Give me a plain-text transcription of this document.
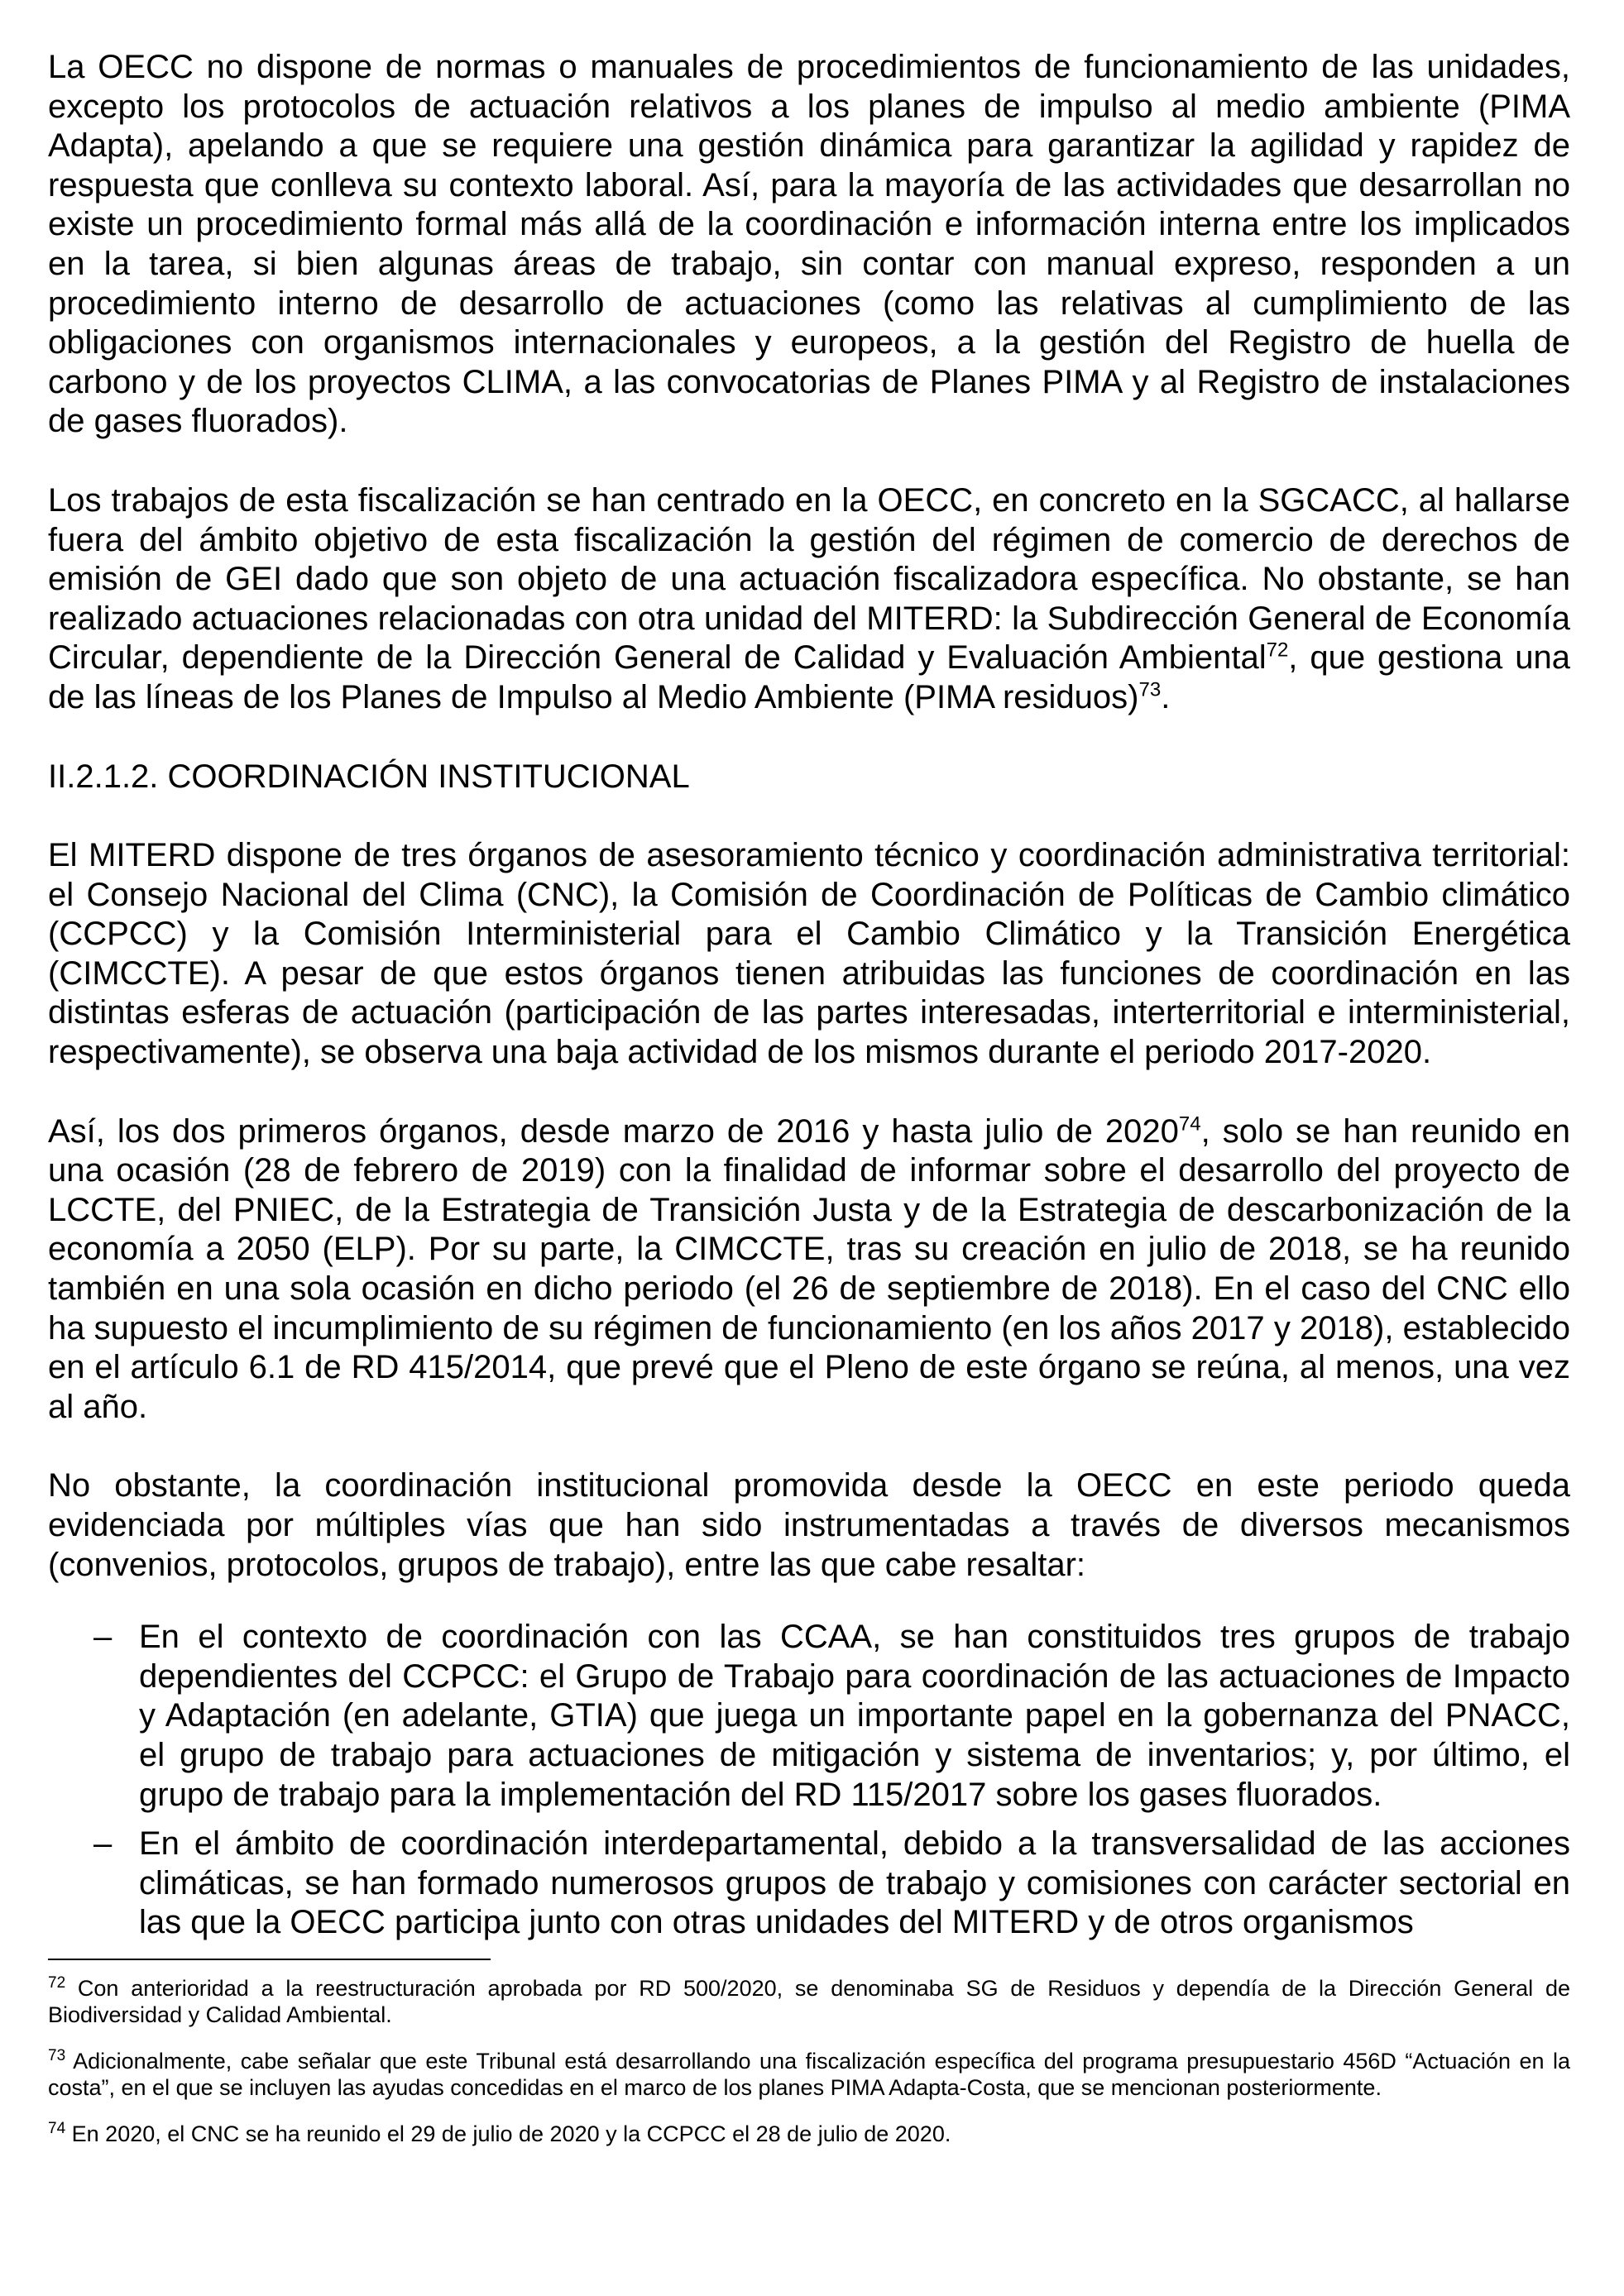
La OECC no dispone de normas o manuales de procedimientos de funcionamiento de las unidades, excepto los protocolos de actuación relativos a los planes de impulso al medio ambiente (PIMA Adapta), apelando a que se requiere una gestión dinámica para garantizar la agilidad y rapidez de respuesta que conlleva su contexto laboral. Así, para la mayoría de las actividades que desarrollan no existe un procedimiento formal más allá de la coordinación e información interna entre los implicados en la tarea, si bien algunas áreas de trabajo, sin contar con manual expreso, responden a un procedimiento interno de desarrollo de actuaciones (como las relativas al cumplimiento de las obligaciones con organismos internacionales y europeos, a la gestión del Registro de huella de carbono y de los proyectos CLIMA, a las convocatorias de Planes PIMA y al Registro de instalaciones de gases fluorados).

Los trabajos de esta fiscalización se han centrado en la OECC, en concreto en la SGCACC, al hallarse fuera del ámbito objetivo de esta fiscalización la gestión del régimen de comercio de derechos de emisión de GEI dado que son objeto de una actuación fiscalizadora específica. No obstante, se han realizado actuaciones relacionadas con otra unidad del MITERD: la Subdirección General de Economía Circular, dependiente de la Dirección General de Calidad y Evaluación Ambiental$^{72}$, que gestiona una de las líneas de los Planes de Impulso al Medio Ambiente (PIMA residuos)$^{73}$.

II.2.1.2. COORDINACIÓN INSTITUCIONAL

El MITERD dispone de tres órganos de asesoramiento técnico y coordinación administrativa territorial: el Consejo Nacional del Clima (CNC), la Comisión de Coordinación de Políticas de Cambio climático (CCPCC) y la Comisión Interministerial para el Cambio Climático y la Transición Energética (CIMCCTE). A pesar de que estos órganos tienen atribuidas las funciones de coordinación en las distintas esferas de actuación (participación de las partes interesadas, interterritorial e interministerial, respectivamente), se observa una baja actividad de los mismos durante el periodo 2017-2020.

Así, los dos primeros órganos, desde marzo de 2016 y hasta julio de 2020$^{74}$, solo se han reunido en una ocasión (28 de febrero de 2019) con la finalidad de informar sobre el desarrollo del proyecto de LCCTE, del PNIEC, de la Estrategia de Transición Justa y de la Estrategia de descarbonización de la economía a 2050 (ELP). Por su parte, la CIMCCTE, tras su creación en julio de 2018, se ha reunido también en una sola ocasión en dicho periodo (el 26 de septiembre de 2018). En el caso del CNC ello ha supuesto el incumplimiento de su régimen de funcionamiento (en los años 2017 y 2018), establecido en el artículo 6.1 de RD 415/2014, que prevé que el Pleno de este órgano se reúna, al menos, una vez al año.

No obstante, la coordinación institucional promovida desde la OECC en este periodo queda evidenciada por múltiples vías que han sido instrumentadas a través de diversos mecanismos (convenios, protocolos, grupos de trabajo), entre las que cabe resaltar:

– En el contexto de coordinación con las CCAA, se han constituidos tres grupos de trabajo dependientes del CCPCC: el Grupo de Trabajo para coordinación de las actuaciones de Impacto y Adaptación (en adelante, GTIA) que juega un importante papel en la gobernanza del PNACC, el grupo de trabajo para actuaciones de mitigación y sistema de inventarios; y, por último, el grupo de trabajo para la implementación del RD 115/2017 sobre los gases fluorados.
– En el ámbito de coordinación interdepartamental, debido a la transversalidad de las acciones climáticas, se han formado numerosos grupos de trabajo y comisiones con carácter sectorial en las que la OECC participa junto con otras unidades del MITERD y de otros organismos

$^{72}$ Con anterioridad a la reestructuración aprobada por RD 500/2020, se denominaba SG de Residuos y dependía de la Dirección General de Biodiversidad y Calidad Ambiental.

$^{73}$ Adicionalmente, cabe señalar que este Tribunal está desarrollando una fiscalización específica del programa presupuestario 456D “Actuación en la costa”, en el que se incluyen las ayudas concedidas en el marco de los planes PIMA Adapta-Costa, que se mencionan posteriormente.

$^{74}$ En 2020, el CNC se ha reunido el 29 de julio de 2020 y la CCPCC el 28 de julio de 2020.
